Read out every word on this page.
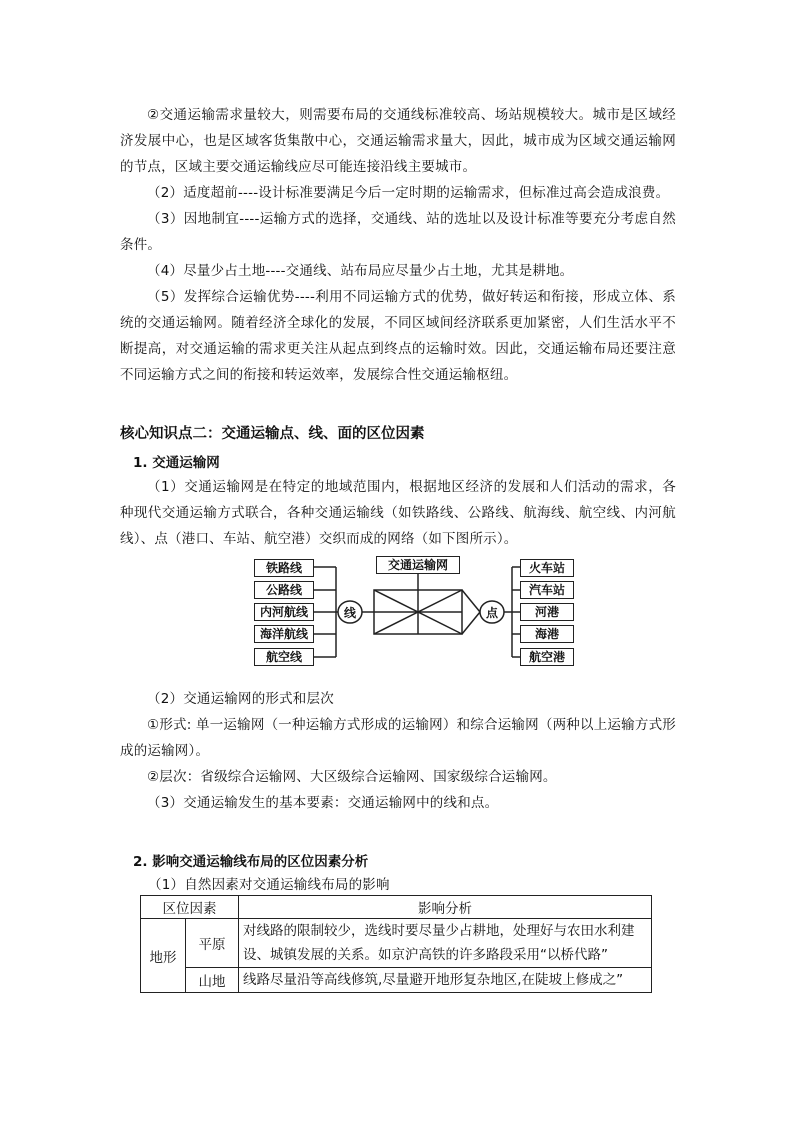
②交通运输需求量较大，则需要布局的交通线标准较高、场站规模较大。城市是区域经济发展中心，也是区域客货集散中心，交通运输需求量大，因此，城市成为区域交通运输网的节点，区域主要交通运输线应尽可能连接沿线主要城市。

（2）适度超前----设计标准要满足今后一定时期的运输需求，但标准过高会造成浪费。

（3）因地制宜----运输方式的选择，交通线、站的选址以及设计标准等要充分考虑自然条件。

（4）尽量少占土地----交通线、站布局应尽量少占土地，尤其是耕地。

（5）发挥综合运输优势----利用不同运输方式的优势，做好转运和衔接，形成立体、系统的交通运输网。随着经济全球化的发展，不同区域间经济联系更加紧密，人们生活水平不断提高，对交通运输的需求更关注从起点到终点的运输时效。因此，交通运输布局还要注意不同运输方式之间的衔接和转运效率，发展综合性交通运输枢纽。

核心知识点二：交通运输点、线、面的区位因素

1. 交通运输网

（1）交通运输网是在特定的地域范围内，根据地区经济的发展和人们活动的需求，各种现代交通运输方式联合，各种交通运输线（如铁路线、公路线、航海线、航空线、内河航线）、点（港口、车站、航空港）交织而成的网络（如下图所示）。

铁路线
公路线
内河航线
海洋航线
航空线
线	点
交通运输网	火车站
汽车站
河港
海港
航空港

（2）交通运输网的形式和层次

①形式: 单一运输网（一种运输方式形成的运输网）和综合运输网（两种以上运输方式形成的运输网）。

②层次：省级综合运输网、大区级综合运输网、国家级综合运输网。

（3）交通运输发生的基本要素：交通运输网中的线和点。

2. 影响交通运输线布局的区位因素分析

（1）自然因素对交通运输线布局的影响

区位因素		影响分析
地形	平原	对线路的限制较少，选线时要尽量少占耕地，处理好与农田水利建设、城镇发展的关系。如京沪高铁的许多路段采用“以桥代路”
	山地	线路尽量沿等高线修筑,尽量避开地形复杂地区,在陡坡上修成之”
